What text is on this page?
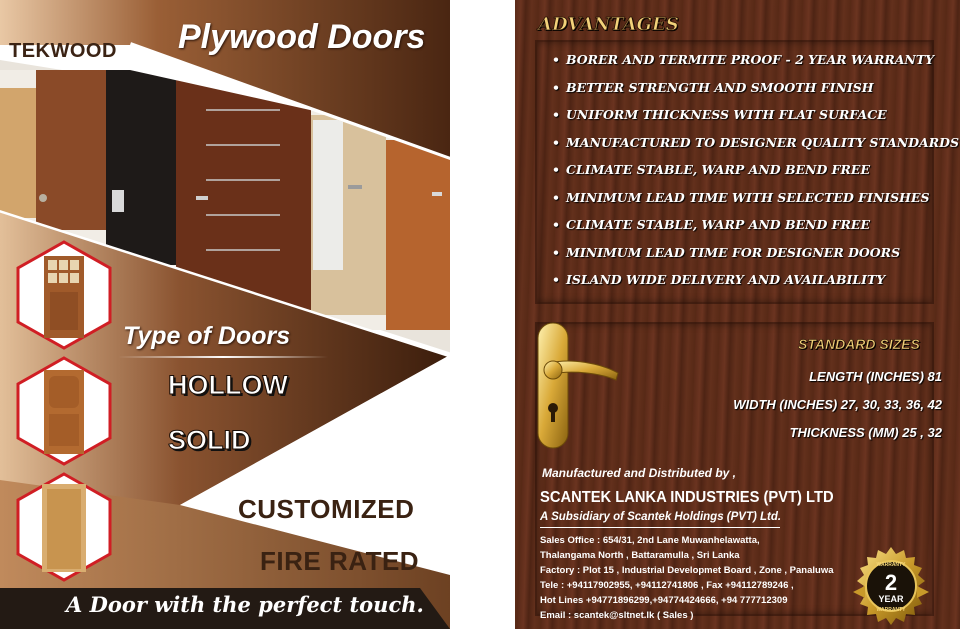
TEKWOOD Plywood Doors
Type of Doors
HOLLOW
SOLID
CUSTOMIZED
FIRE RATED
A Door with the perfect touch.
ADVANTAGES
• BORER AND TERMITE PROOF - 2 YEAR WARRANTY
• BETTER STRENGTH AND SMOOTH FINISH
• UNIFORM THICKNESS WITH FLAT SURFACE
• MANUFACTURED TO DESIGNER QUALITY STANDARDS
• CLIMATE STABLE, WARP AND BEND FREE
• MINIMUM LEAD TIME WITH SELECTED FINISHES
• CLIMATE STABLE, WARP AND BEND FREE
• MINIMUM LEAD TIME FOR DESIGNER DOORS
• ISLAND WIDE DELIVERY AND AVAILABILITY
STANDARD SIZES
LENGTH (INCHES) 81
WIDTH (INCHES) 27, 30, 33, 36, 42
THICKNESS (MM) 25 , 32
Manufactured and Distributed by ,
SCANTEK LANKA INDUSTRIES (PVT) LTD
A Subsidiary of Scantek Holdings (PVT) Ltd.
Sales Office : 654/31, 2nd Lane Muwanhelawatta,
Thalangama North , Battaramulla , Sri Lanka
Factory : Plot 15 , Industrial Developmet Board , Zone , Panaluwa
Tele : +94117902955, +94112741806 , Fax +94112789246 ,
Hot Lines +94771896299,+94774424666, +94 777712309
Email : scantek@sltnet.lk ( Sales )
2
YEAR
WARRANTY
WARRANTY
